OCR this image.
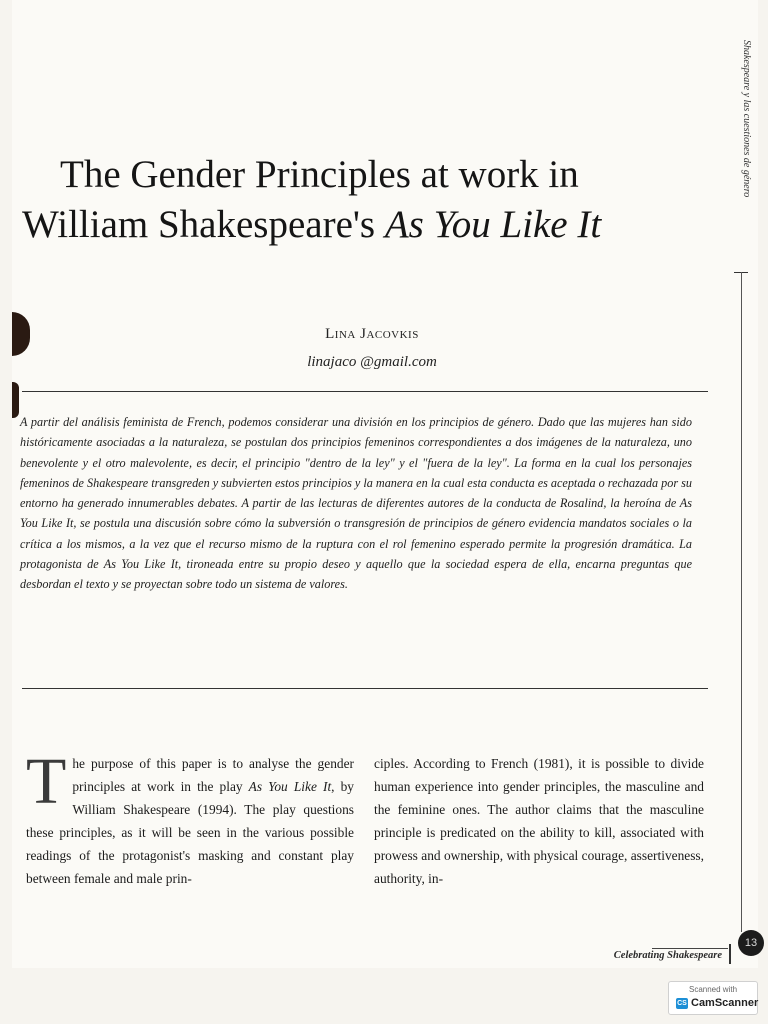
The Gender Principles at work in
William Shakespeare's As You Like It
Shakespeare y las cuestiones de género
Lina Jacovkis
linajaco @gmail.com

A partir del análisis feminista de French, podemos considerar una división en los principios de género. Dado que las mujeres han sido históricamente asociadas a la naturaleza, se postulan dos principios femeninos correspondientes a dos imágenes de la naturaleza, uno benevolente y el otro malevolente, es decir, el principio "dentro de la ley" y el "fuera de la ley". La forma en la cual los personajes femeninos de Shakespeare transgreden y subvierten estos principios y la manera en la cual esta conducta es aceptada o rechazada por su entorno ha generado innumerables debates. A partir de las lecturas de diferentes autores de la conducta de Rosalind, la heroína de As You Like It, se postula una discusión sobre cómo la subversión o transgresión de principios de género evidencia mandatos sociales o la crítica a los mismos, a la vez que el recurso mismo de la ruptura con el rol femenino esperado permite la progresión dramática. La protagonista de As You Like It, tironeada entre su propio deseo y aquello que la sociedad espera de ella, encarna preguntas que desbordan el texto y se proyectan sobre todo un sistema de valores.

The purpose of this paper is to analyse the gender principles at work in the play As You Like It, by William Shakespeare (1994). The play questions these principles, as it will be seen in the various possible readings of the protagonist's masking and constant play between female and male prin-

ciples. According to French (1981), it is possible to divide human experience into gender principles, the masculine and the feminine ones. The author claims that the masculine principle is predicated on the ability to kill, associated with prowess and ownership, with physical courage, assertiveness, authority, in-

Celebrating Shakespeare
13
Scanned with
CS CamScanner
